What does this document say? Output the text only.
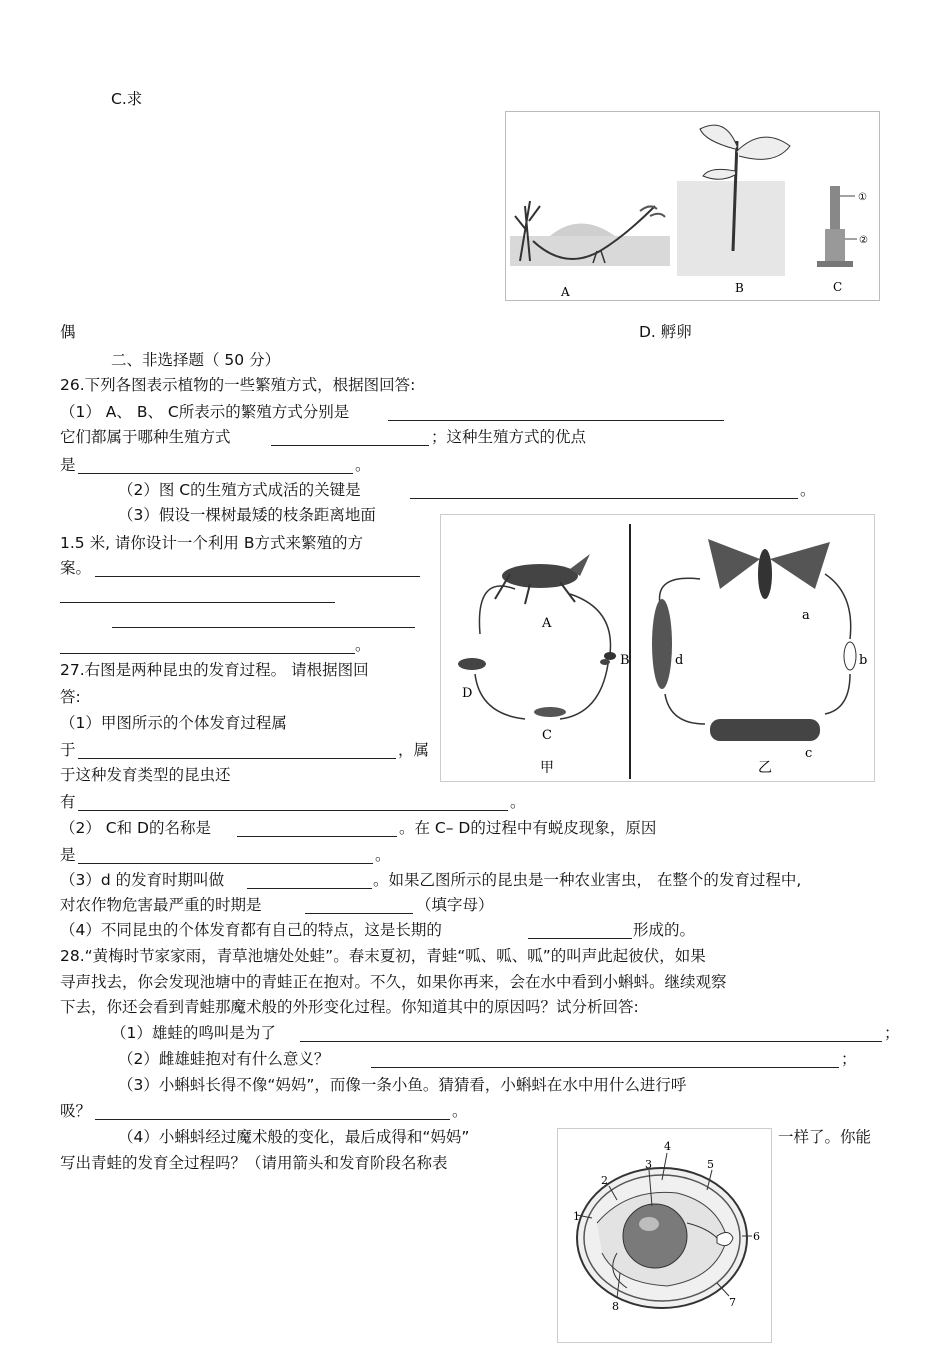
C.求
偶	D. 孵卵
A	B
①
②
C
二、非选择题（ 50 分）
26.下列各图表示植物的一些繁殖方式，根据图回答:
（1） A、 B、 C所表示的繁殖方式分别是
它们都属于哪种生殖方式	；这种生殖方式的优点
是	。
（2）图 C的生殖方式成活的关键是	。
（3）假设一棵树最矮的枝条距离地面
1.5 米, 请你设计一个利用 B方式来繁殖的方
案。
。
A
B
C
D
甲
a
b
c
d
乙
27.右图是两种昆虫的发育过程。 请根据图回
答:
（1）甲图所示的个体发育过程属
于	，属
于这种发育类型的昆虫还
有	。
（2） C和 D的名称是	。在 C– D的过程中有蜕皮现象，原因
是	。
（3）d 的发育时期叫做	。如果乙图所示的昆虫是一种农业害虫， 在整个的发育过程中,
对农作物危害最严重的时期是	（填字母）
（4）不同昆虫的个体发育都有自己的特点，这是长期的	形成的。
28.“黄梅时节家家雨，青草池塘处处蛙”。春末夏初，青蛙“呱、呱、呱”的叫声此起彼伏，如果
寻声找去，你会发现池塘中的青蛙正在抱对。不久，如果你再来，会在水中看到小蝌蚪。继续观察
下去，你还会看到青蛙那魔术般的外形变化过程。你知道其中的原因吗？试分析回答:
（1）雄蛙的鸣叫是为了	；
（2）雌雄蛙抱对有什么意义？	；
（3）小蝌蚪长得不像“妈妈”，而像一条小鱼。猜猜看，小蝌蚪在水中用什么进行呼
吸？	。
（4）小蝌蚪经过魔术般的变化，最后成得和“妈妈”	一样了。你能
写出青蛙的发育全过程吗？（请用箭头和发育阶段名称表
1
2
3
4
5
6
7
8
